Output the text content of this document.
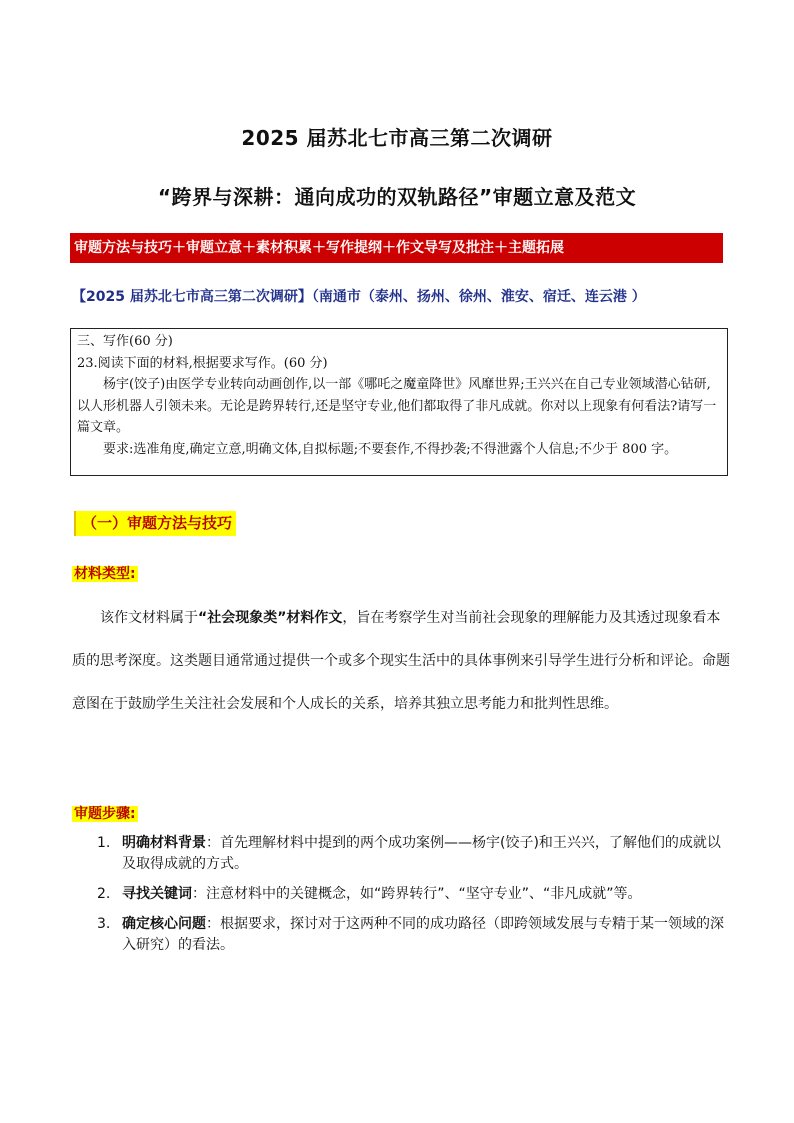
2025 届苏北七市高三第二次调研
“跨界与深耕：通向成功的双轨路径”审题立意及范文
审题方法与技巧＋审题立意＋素材积累＋写作提纲＋作文导写及批注＋主题拓展
【2025 届苏北七市高三第二次调研】（南通市（泰州、扬州、徐州、淮安、宿迁、连云港 ）
三、写作(60 分)
23.阅读下面的材料,根据要求写作。(60 分)
杨宇(饺子)由医学专业转向动画创作,以一部《哪吒之魔童降世》风靡世界;王兴兴在自己专业领域潜心钻研,以人形机器人引领未来。无论是跨界转行,还是坚守专业,他们都取得了非凡成就。你对以上现象有何看法?请写一篇文章。
要求:选准角度,确定立意,明确文体,自拟标题;不要套作,不得抄袭;不得泄露个人信息;不少于 800 字。
（一）审题方法与技巧
材料类型:

该作文材料属于“社会现象类”材料作文，旨在考察学生对当前社会现象的理解能力及其透过现象看本质的思考深度。这类题目通常通过提供一个或多个现实生活中的具体事例来引导学生进行分析和评论。命题意图在于鼓励学生关注社会发展和个人成长的关系，培养其独立思考能力和批判性思维。

审题步骤:
1. 明确材料背景：首先理解材料中提到的两个成功案例——杨宇(饺子)和王兴兴，了解他们的成就以及取得成就的方式。
2. 寻找关键词：注意材料中的关键概念，如“跨界转行”、“坚守专业”、“非凡成就”等。
3. 确定核心问题：根据要求，探讨对于这两种不同的成功路径（即跨领域发展与专精于某一领域的深入研究）的看法。
